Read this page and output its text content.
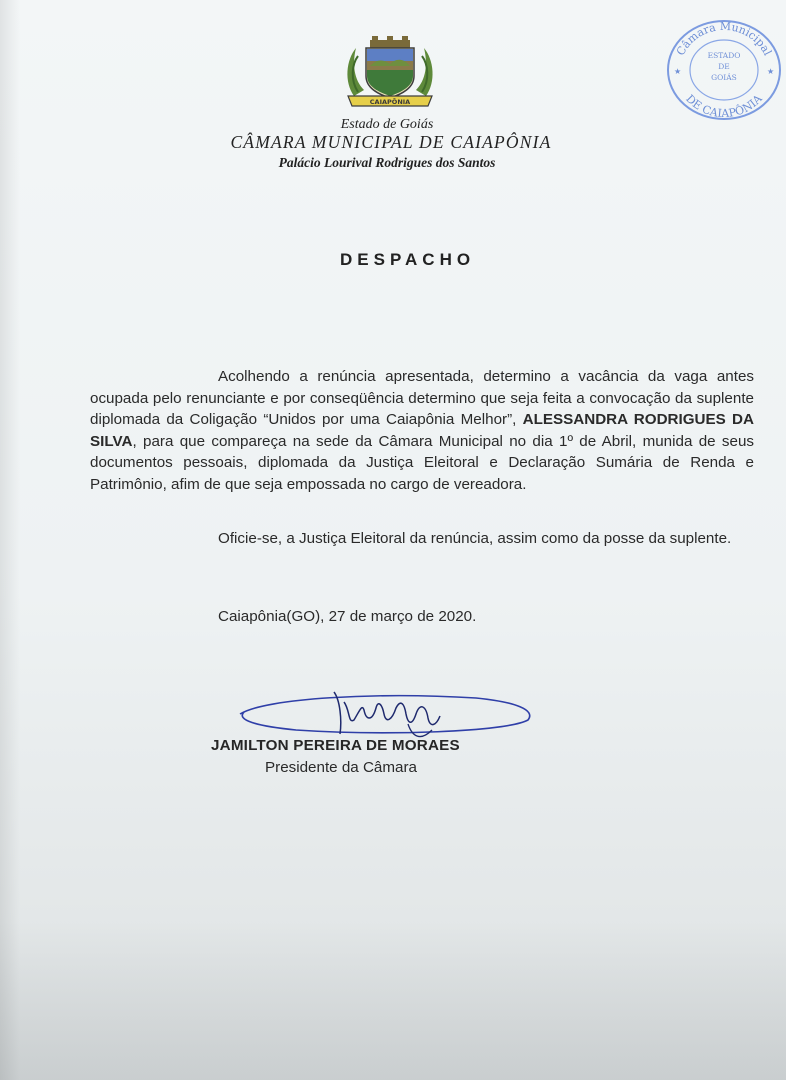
CAIAPÔNIA
Câmara Municipal
DE CAIAPÔNIA
★	★
ESTADO
DE
GOIÁS
Estado de Goiás
CÂMARA MUNICIPAL DE CAIAPÔNIA
Palácio Lourival Rodrigues dos Santos
DESPACHO
Acolhendo a renúncia apresentada, determino a vacância da vaga antes ocupada pelo renunciante e por conseqüência determino que seja feita a convocação da suplente diplomada da Coligação “Unidos por uma Caiapônia Melhor”, ALESSANDRA RODRIGUES DA SILVA, para que compareça na sede da Câmara Municipal no dia 1º de Abril, munida de seus documentos pessoais, diplomada da Justiça Eleitoral e Declaração Sumária de Renda e Patrimônio, afim de que seja empossada no cargo de vereadora.
Oficie-se, a Justiça Eleitoral da renúncia, assim como da posse da suplente.
Caiapônia(GO), 27 de março de 2020.
JAMILTON PEREIRA DE MORAES
Presidente da Câmara
